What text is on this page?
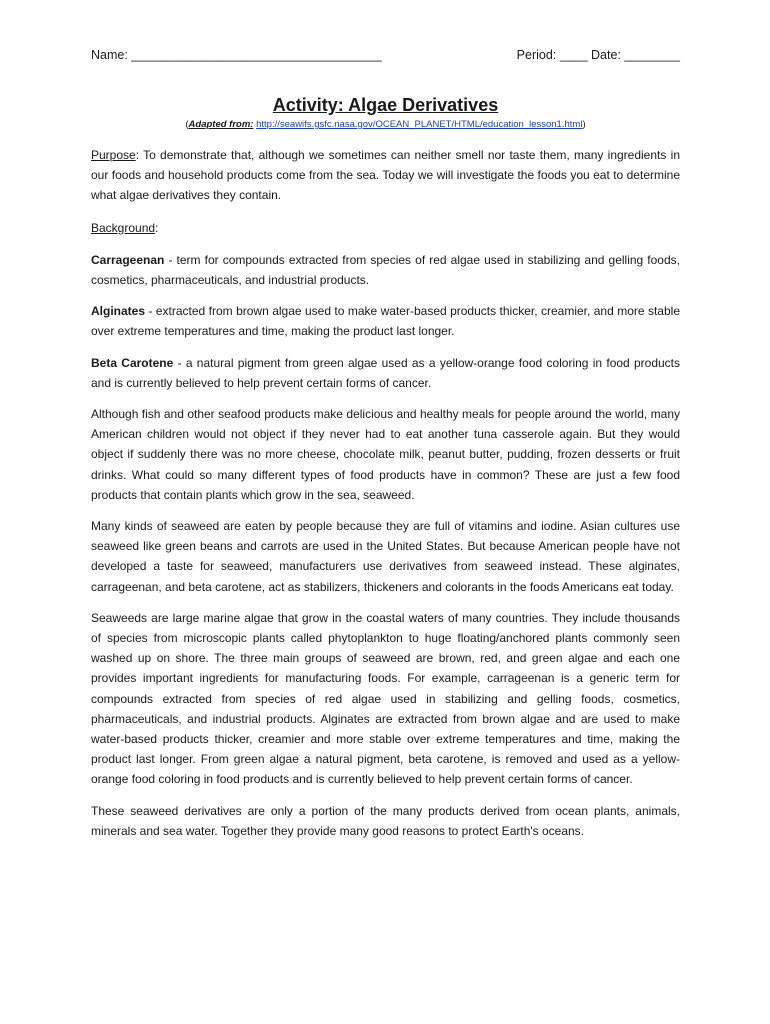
Name: ____________________________________	Period: ____ Date: ________
Activity: Algae Derivatives
(Adapted from: http://seawifs.gsfc.nasa.gov/OCEAN_PLANET/HTML/education_lesson1.html)

Purpose: To demonstrate that, although we sometimes can neither smell nor taste them, many ingredients in our foods and household products come from the sea. Today we will investigate the foods you eat to determine what algae derivatives they contain.

Background:

Carrageenan - term for compounds extracted from species of red algae used in stabilizing and gelling foods, cosmetics, pharmaceuticals, and industrial products.

Alginates - extracted from brown algae used to make water-based products thicker, creamier, and more stable over extreme temperatures and time, making the product last longer.

Beta Carotene - a natural pigment from green algae used as a yellow-orange food coloring in food products and is currently believed to help prevent certain forms of cancer.

Although fish and other seafood products make delicious and healthy meals for people around the world, many American children would not object if they never had to eat another tuna casserole again. But they would object if suddenly there was no more cheese, chocolate milk, peanut butter, pudding, frozen desserts or fruit drinks. What could so many different types of food products have in common? These are just a few food products that contain plants which grow in the sea, seaweed.

Many kinds of seaweed are eaten by people because they are full of vitamins and iodine. Asian cultures use seaweed like green beans and carrots are used in the United States. But because American people have not developed a taste for seaweed, manufacturers use derivatives from seaweed instead. These alginates, carrageenan, and beta carotene, act as stabilizers, thickeners and colorants in the foods Americans eat today.

Seaweeds are large marine algae that grow in the coastal waters of many countries. They include thousands of species from microscopic plants called phytoplankton to huge floating/anchored plants commonly seen washed up on shore. The three main groups of seaweed are brown, red, and green algae and each one provides important ingredients for manufacturing foods. For example, carrageenan is a generic term for compounds extracted from species of red algae used in stabilizing and gelling foods, cosmetics, pharmaceuticals, and industrial products. Alginates are extracted from brown algae and are used to make water-based products thicker, creamier and more stable over extreme temperatures and time, making the product last longer. From green algae a natural pigment, beta carotene, is removed and used as a yellow-orange food coloring in food products and is currently believed to help prevent certain forms of cancer.

These seaweed derivatives are only a portion of the many products derived from ocean plants, animals, minerals and sea water. Together they provide many good reasons to protect Earth's oceans.
